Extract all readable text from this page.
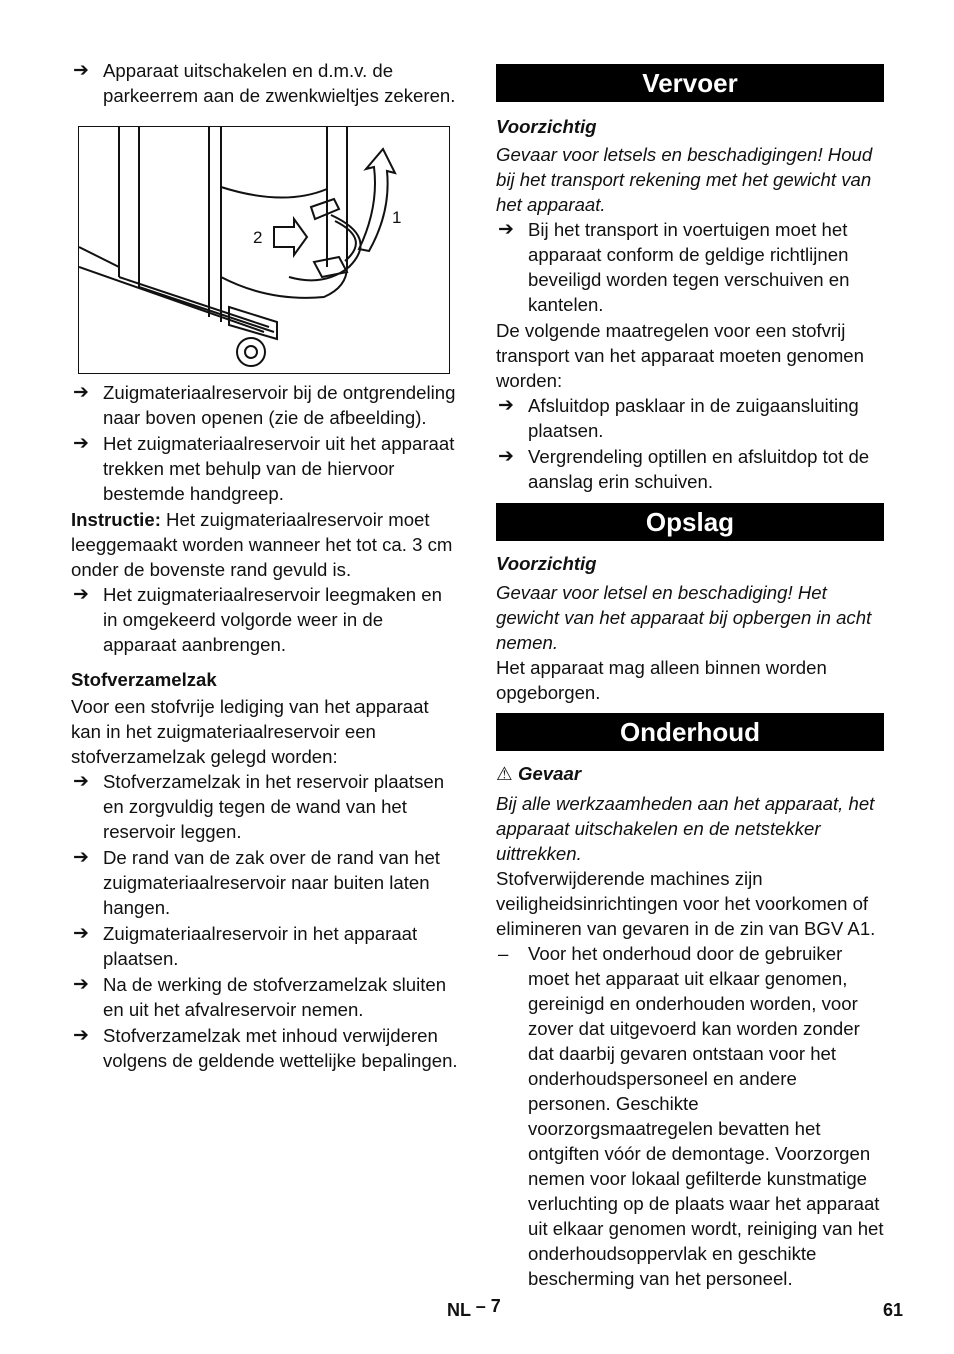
➔ Apparaat uitschakelen en d.m.v. de parkeerrem aan de zwenkwieltjes zekeren.
2
1
➔ Zuigmateriaalreservoir bij de ontgrendeling naar boven openen (zie de afbeelding).
➔ Het zuigmateriaalreservoir uit het apparaat trekken met behulp van de hiervoor bestemde handgreep.

Instructie: Het zuigmateriaalreservoir moet leeggemaakt worden wanneer het tot ca. 3 cm onder de bovenste rand gevuld is.

➔ Het zuigmateriaalreservoir leegmaken en in omgekeerd volgorde weer in de apparaat aanbrengen.

Stofverzamelzak

Voor een stofvrije lediging van het apparaat kan in het zuigmateriaalreservoir een stofverzamelzak gelegd worden:

➔ Stofverzamelzak in het reservoir plaatsen en zorgvuldig tegen de wand van het reservoir leggen.
➔ De rand van de zak over de rand van het zuigmateriaalreservoir naar buiten laten hangen.
➔ Zuigmateriaalreservoir in het apparaat plaatsen.
➔ Na de werking de stofverzamelzak sluiten en uit het afvalreservoir nemen.
➔ Stofverzamelzak met inhoud verwijderen volgens de geldende wettelijke bepalingen.
Vervoer

Voorzichtig

Gevaar voor letsels en beschadigingen! Houd bij het transport rekening met het gewicht van het apparaat.

➔ Bij het transport in voertuigen moet het apparaat conform de geldige richtlijnen beveiligd worden tegen verschuiven en kantelen.

De volgende maatregelen voor een stofvrij transport van het apparaat moeten genomen worden:

➔ Afsluitdop pasklaar in de zuigaansluiting plaatsen.
➔ Vergrendeling optillen en afsluitdop tot de aanslag erin schuiven.
Opslag

Voorzichtig

Gevaar voor letsel en beschadiging! Het gewicht van het apparaat bij opbergen in acht nemen.

Het apparaat mag alleen binnen worden opgeborgen.

Onderhoud

⚠ Gevaar

Bij alle werkzaamheden aan het apparaat, het apparaat uitschakelen en de netstekker uittrekken.

Stofverwijderende machines zijn veiligheidsinrichtingen voor het voorkomen of elimineren van gevaren in de zin van BGV A1.

– Voor het onderhoud door de gebruiker moet het apparaat uit elkaar genomen, gereinigd en onderhouden worden, voor zover dat uitgevoerd kan worden zonder dat daarbij gevaren ontstaan voor het onderhoudspersoneel en andere personen. Geschikte voorzorgsmaatregelen bevatten het ontgiften vóór de demontage. Voorzorgen nemen voor lokaal gefilterde kunstmatige verluchting op de plaats waar het apparaat uit elkaar genomen wordt, reiniging van het onderhoudsoppervlak en geschikte bescherming van het personeel.
NL – 7	61
